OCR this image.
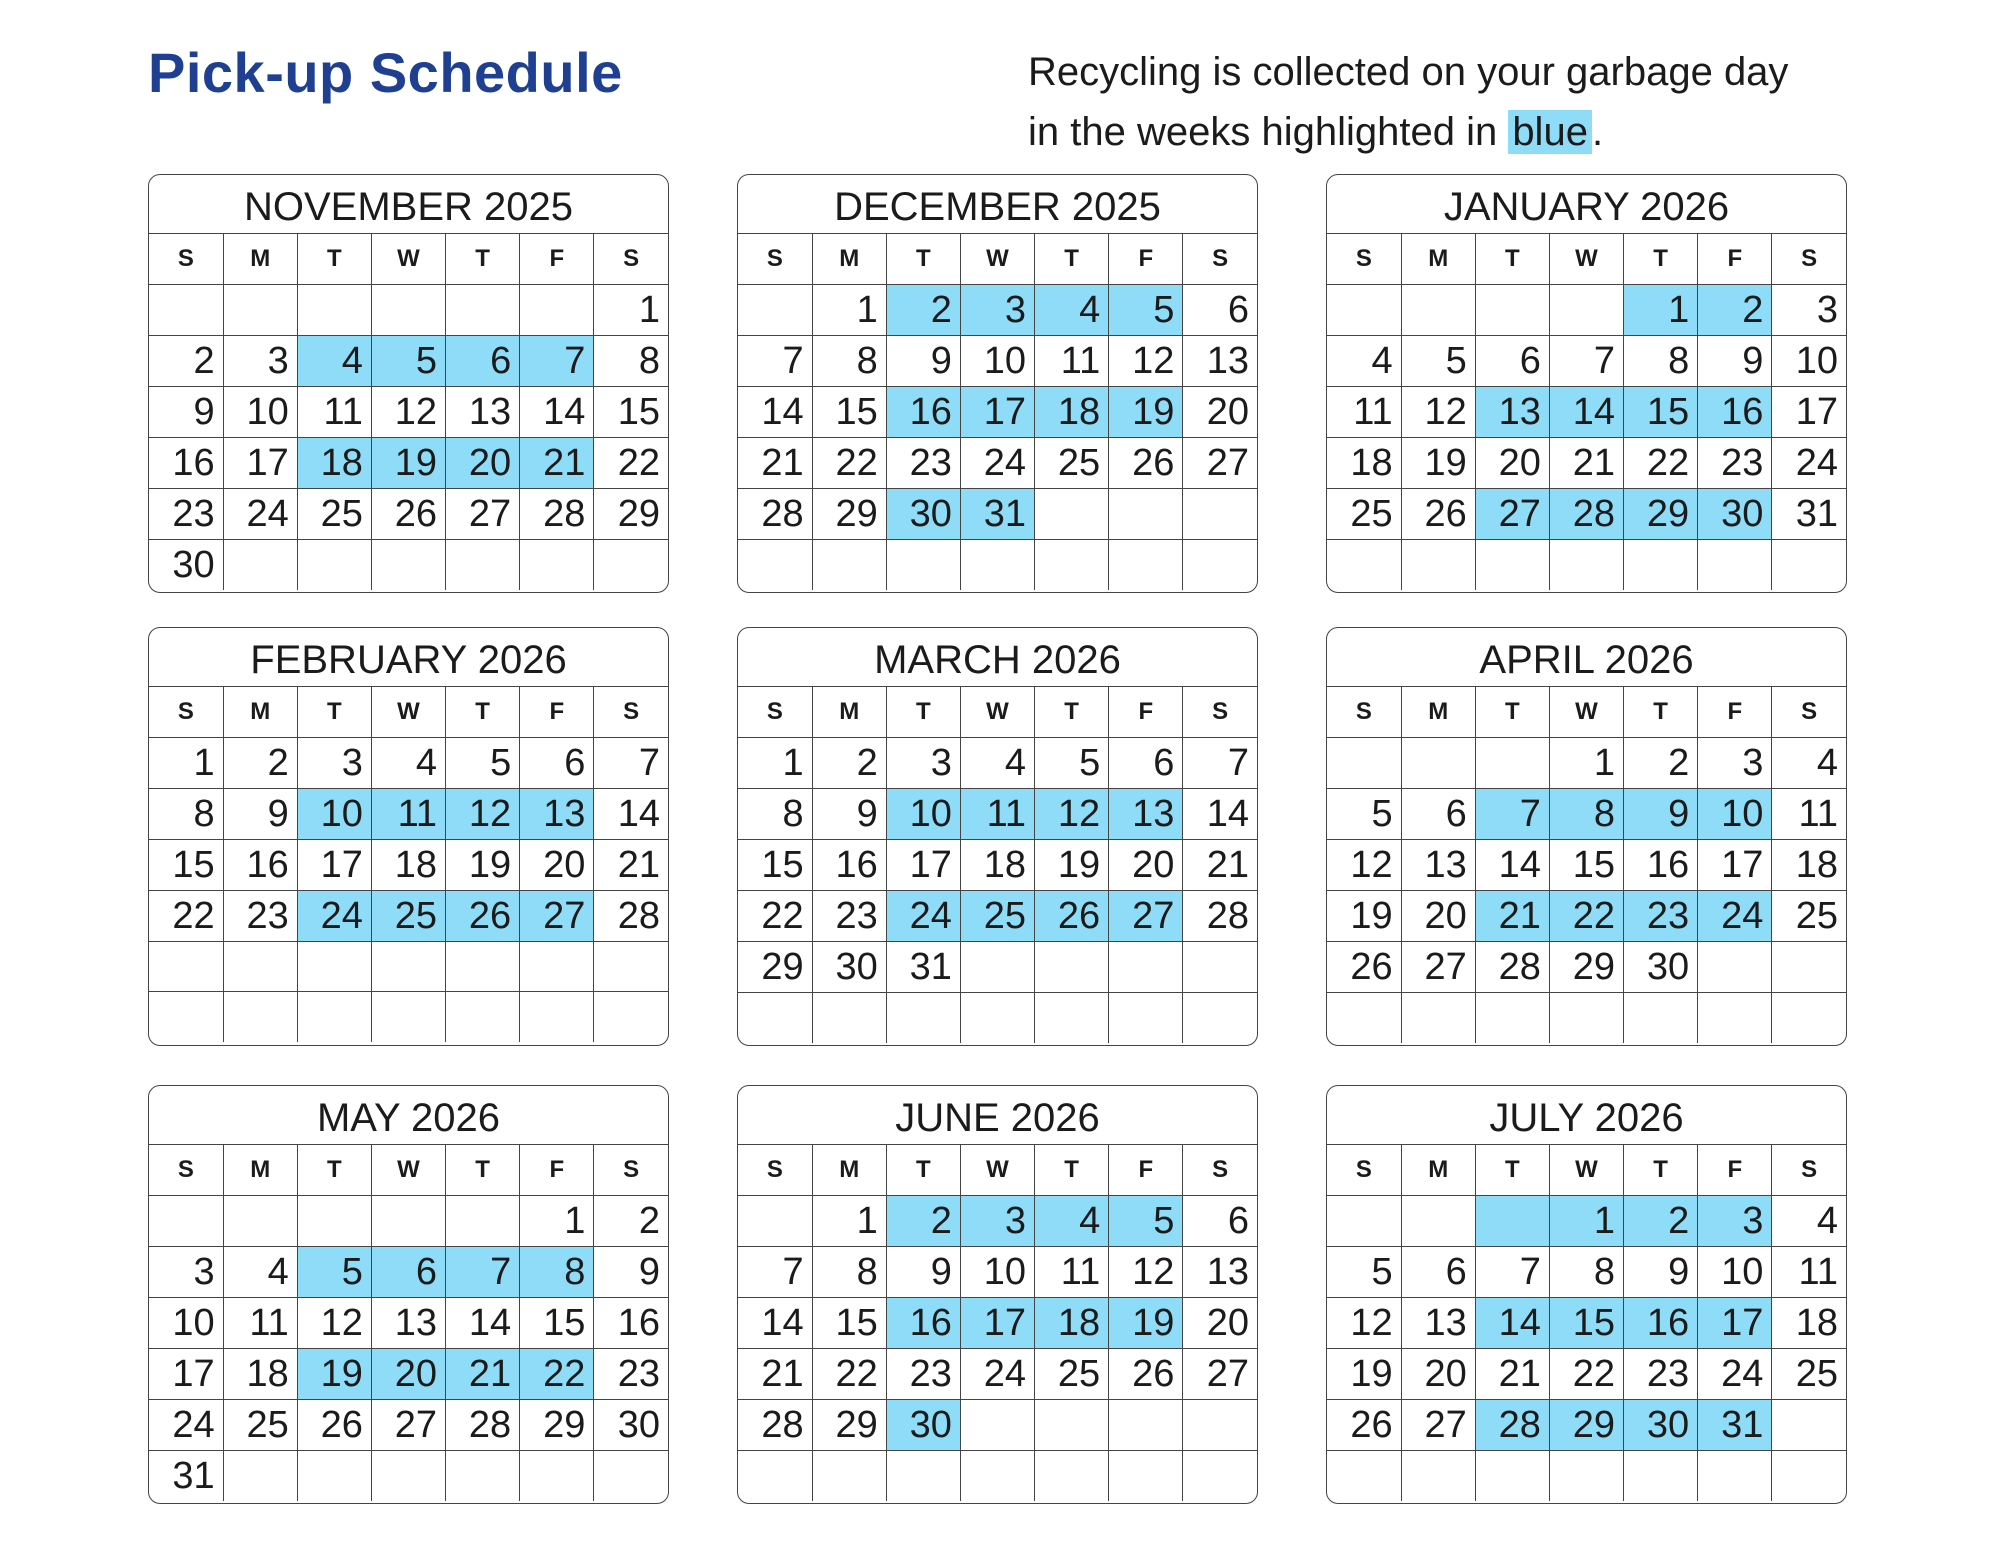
Pick-up Schedule	Recycling is collected on your garbage day
in the weeks highlighted in blue .
NOVEMBER 2025
S	M	T	W	T	F	S
						1
2	3	4	5	6	7	8
9	10	11	12	13	14	15
16	17	18	19	20	21	22
23	24	25	26	27	28	29
30						
DECEMBER 2025
S	M	T	W	T	F	S
	1	2	3	4	5	6
7	8	9	10	11	12	13
14	15	16	17	18	19	20
21	22	23	24	25	26	27
28	29	30	31			

JANUARY 2026
S	M	T	W	T	F	S
				1	2	3
4	5	6	7	8	9	10
11	12	13	14	15	16	17
18	19	20	21	22	23	24
25	26	27	28	29	30	31

FEBRUARY 2026
S	M	T	W	T	F	S
1	2	3	4	5	6	7
8	9	10	11	12	13	14
15	16	17	18	19	20	21
22	23	24	25	26	27	28

MARCH 2026
S	M	T	W	T	F	S
1	2	3	4	5	6	7
8	9	10	11	12	13	14
15	16	17	18	19	20	21
22	23	24	25	26	27	28
29	30	31				

APRIL 2026
S	M	T	W	T	F	S
			1	2	3	4
5	6	7	8	9	10	11
12	13	14	15	16	17	18
19	20	21	22	23	24	25
26	27	28	29	30		

MAY 2026
S	M	T	W	T	F	S
					1	2
3	4	5	6	7	8	9
10	11	12	13	14	15	16
17	18	19	20	21	22	23
24	25	26	27	28	29	30
31						
JUNE 2026
S	M	T	W	T	F	S
	1	2	3	4	5	6
7	8	9	10	11	12	13
14	15	16	17	18	19	20
21	22	23	24	25	26	27
28	29	30				

JULY 2026
S	M	T	W	T	F	S
			1	2	3	4
5	6	7	8	9	10	11
12	13	14	15	16	17	18
19	20	21	22	23	24	25
26	27	28	29	30	31	
